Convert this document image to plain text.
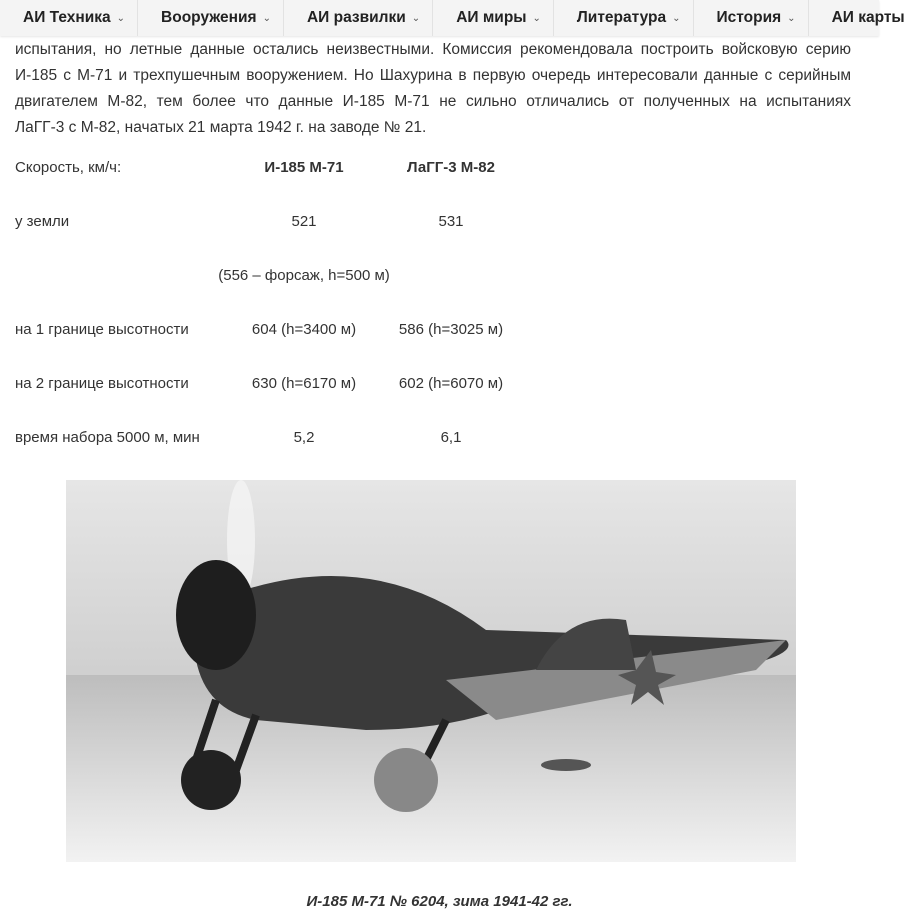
АИ Техника ⌄ Вооружения ⌄ АИ развилки ⌄ АИ миры ⌄ Литература ⌄ История ⌄ АИ карты

испытания, но летные данные остались неизвестными. Комиссия рекомендовала построить войсковую серию

И-185 с М-71 и трехпушечным вооружением. Но Шахурина в первую очередь интересовали данные с серийным

двигателем М-82, тем более что данные И-185 М-71 не сильно отличались от полученных на испытаниях

ЛаГГ-3 с М-82, начатых 21 марта 1942 г. на заводе № 21.

Скорость, км/ч:	И-185 М-71	ЛаГГ-3 М-82
у земли	521	531
(556 – форсаж, h=500 м)
на 1 границе высотности	604 (h=3400 м)	586 (h=3025 м)
на 2 границе высотности	630 (h=6170 м)	602 (h=6070 м)
время набора 5000 м, мин	5,2	6,1
И-185 М-71 № 6204, зима 1941-42 гг.
